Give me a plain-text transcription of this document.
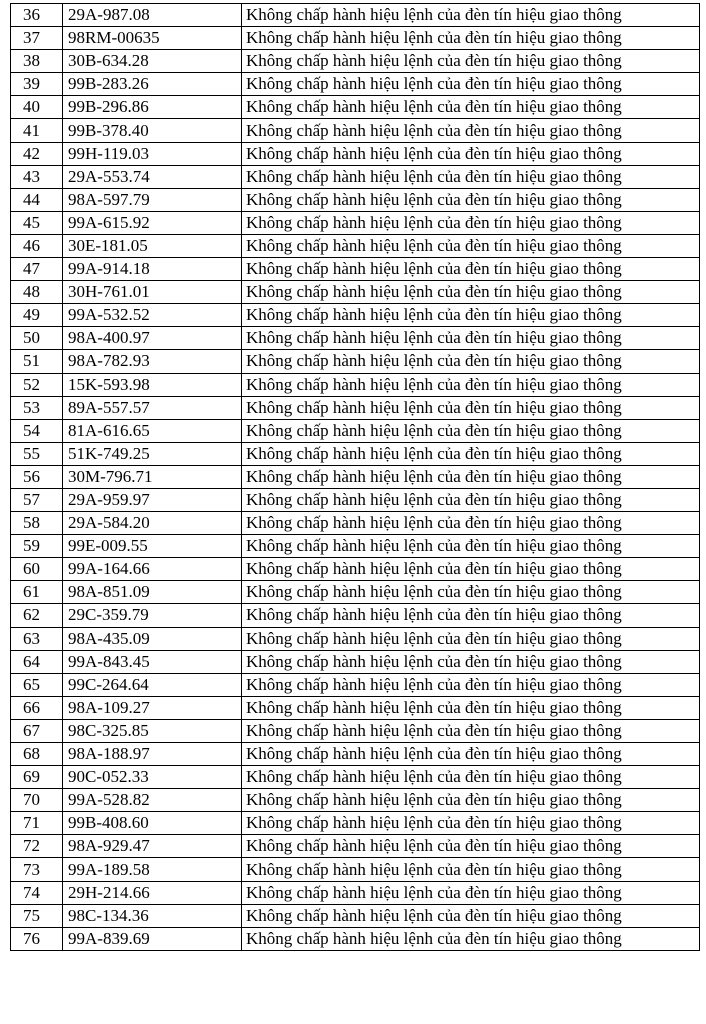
36	29A-987.08	Không chấp hành hiệu lệnh của đèn tín hiệu giao thông
37	98RM-00635	Không chấp hành hiệu lệnh của đèn tín hiệu giao thông
38	30B-634.28	Không chấp hành hiệu lệnh của đèn tín hiệu giao thông
39	99B-283.26	Không chấp hành hiệu lệnh của đèn tín hiệu giao thông
40	99B-296.86	Không chấp hành hiệu lệnh của đèn tín hiệu giao thông
41	99B-378.40	Không chấp hành hiệu lệnh của đèn tín hiệu giao thông
42	99H-119.03	Không chấp hành hiệu lệnh của đèn tín hiệu giao thông
43	29A-553.74	Không chấp hành hiệu lệnh của đèn tín hiệu giao thông
44	98A-597.79	Không chấp hành hiệu lệnh của đèn tín hiệu giao thông
45	99A-615.92	Không chấp hành hiệu lệnh của đèn tín hiệu giao thông
46	30E-181.05	Không chấp hành hiệu lệnh của đèn tín hiệu giao thông
47	99A-914.18	Không chấp hành hiệu lệnh của đèn tín hiệu giao thông
48	30H-761.01	Không chấp hành hiệu lệnh của đèn tín hiệu giao thông
49	99A-532.52	Không chấp hành hiệu lệnh của đèn tín hiệu giao thông
50	98A-400.97	Không chấp hành hiệu lệnh của đèn tín hiệu giao thông
51	98A-782.93	Không chấp hành hiệu lệnh của đèn tín hiệu giao thông
52	15K-593.98	Không chấp hành hiệu lệnh của đèn tín hiệu giao thông
53	89A-557.57	Không chấp hành hiệu lệnh của đèn tín hiệu giao thông
54	81A-616.65	Không chấp hành hiệu lệnh của đèn tín hiệu giao thông
55	51K-749.25	Không chấp hành hiệu lệnh của đèn tín hiệu giao thông
56	30M-796.71	Không chấp hành hiệu lệnh của đèn tín hiệu giao thông
57	29A-959.97	Không chấp hành hiệu lệnh của đèn tín hiệu giao thông
58	29A-584.20	Không chấp hành hiệu lệnh của đèn tín hiệu giao thông
59	99E-009.55	Không chấp hành hiệu lệnh của đèn tín hiệu giao thông
60	99A-164.66	Không chấp hành hiệu lệnh của đèn tín hiệu giao thông
61	98A-851.09	Không chấp hành hiệu lệnh của đèn tín hiệu giao thông
62	29C-359.79	Không chấp hành hiệu lệnh của đèn tín hiệu giao thông
63	98A-435.09	Không chấp hành hiệu lệnh của đèn tín hiệu giao thông
64	99A-843.45	Không chấp hành hiệu lệnh của đèn tín hiệu giao thông
65	99C-264.64	Không chấp hành hiệu lệnh của đèn tín hiệu giao thông
66	98A-109.27	Không chấp hành hiệu lệnh của đèn tín hiệu giao thông
67	98C-325.85	Không chấp hành hiệu lệnh của đèn tín hiệu giao thông
68	98A-188.97	Không chấp hành hiệu lệnh của đèn tín hiệu giao thông
69	90C-052.33	Không chấp hành hiệu lệnh của đèn tín hiệu giao thông
70	99A-528.82	Không chấp hành hiệu lệnh của đèn tín hiệu giao thông
71	99B-408.60	Không chấp hành hiệu lệnh của đèn tín hiệu giao thông
72	98A-929.47	Không chấp hành hiệu lệnh của đèn tín hiệu giao thông
73	99A-189.58	Không chấp hành hiệu lệnh của đèn tín hiệu giao thông
74	29H-214.66	Không chấp hành hiệu lệnh của đèn tín hiệu giao thông
75	98C-134.36	Không chấp hành hiệu lệnh của đèn tín hiệu giao thông
76	99A-839.69	Không chấp hành hiệu lệnh của đèn tín hiệu giao thông
